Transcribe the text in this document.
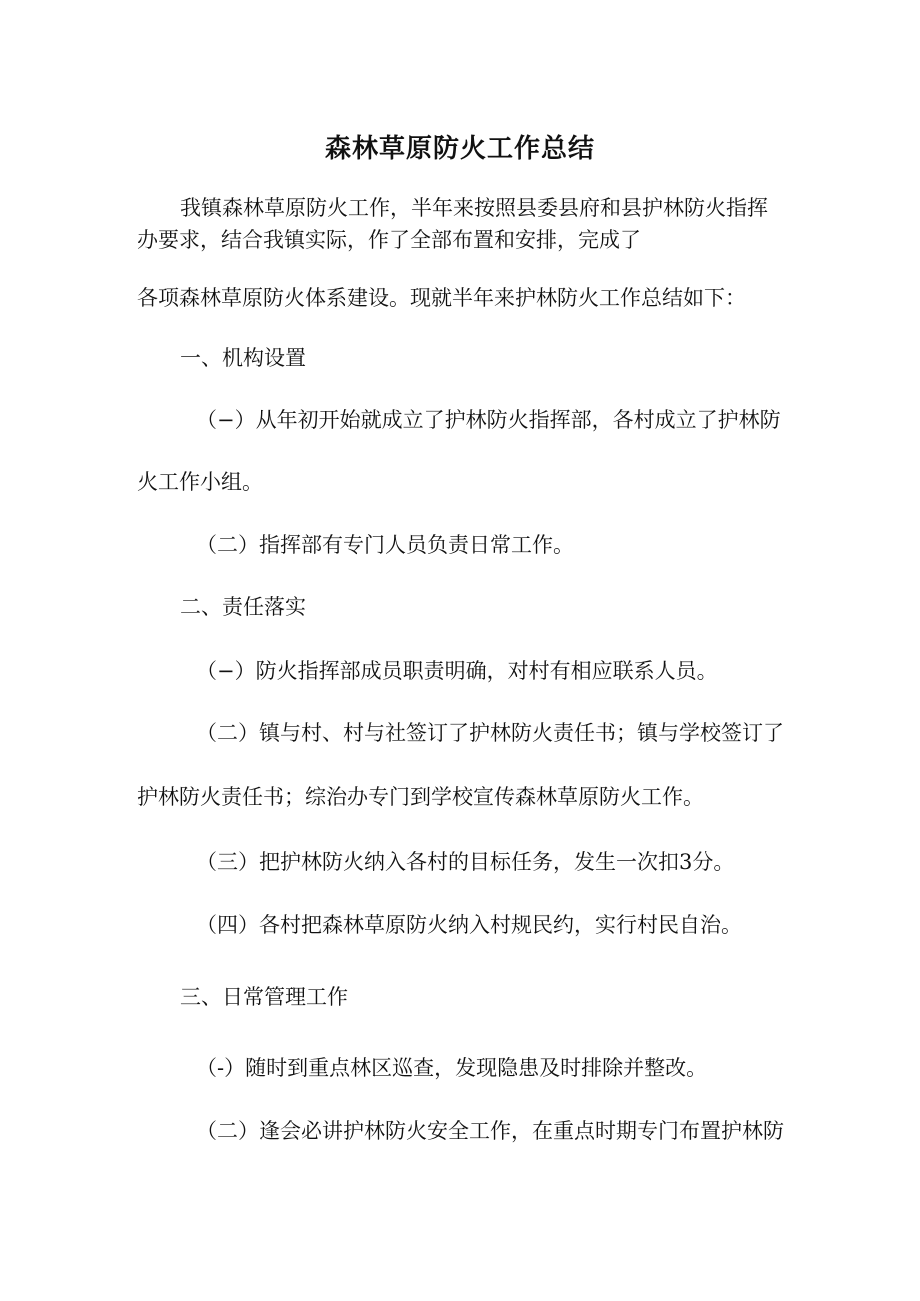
森林草原防火工作总结
我镇森林草原防火工作，半年来按照县委县府和县护林防火指挥
办要求，结合我镇实际，作了全部布置和安排，完成了
各项森林草原防火体系建设。现就半年来护林防火工作总结如下：
一、机构设置
（−）从年初开始就成立了护林防火指挥部，各村成立了护林防
火工作小组。
（二）指挥部有专门人员负责日常工作。
二、责任落实
（−）防火指挥部成员职责明确，对村有相应联系人员。
（二）镇与村、村与社签订了护林防火责任书；镇与学校签订了
护林防火责任书；综治办专门到学校宣传森林草原防火工作。
（三）把护林防火纳入各村的目标任务，发生一次扣3分。
（四）各村把森林草原防火纳入村规民约，实行村民自治。
三、日常管理工作
（-）随时到重点林区巡查，发现隐患及时排除并整改。
（二）逢会必讲护林防火安全工作，在重点时期专门布置护林防
